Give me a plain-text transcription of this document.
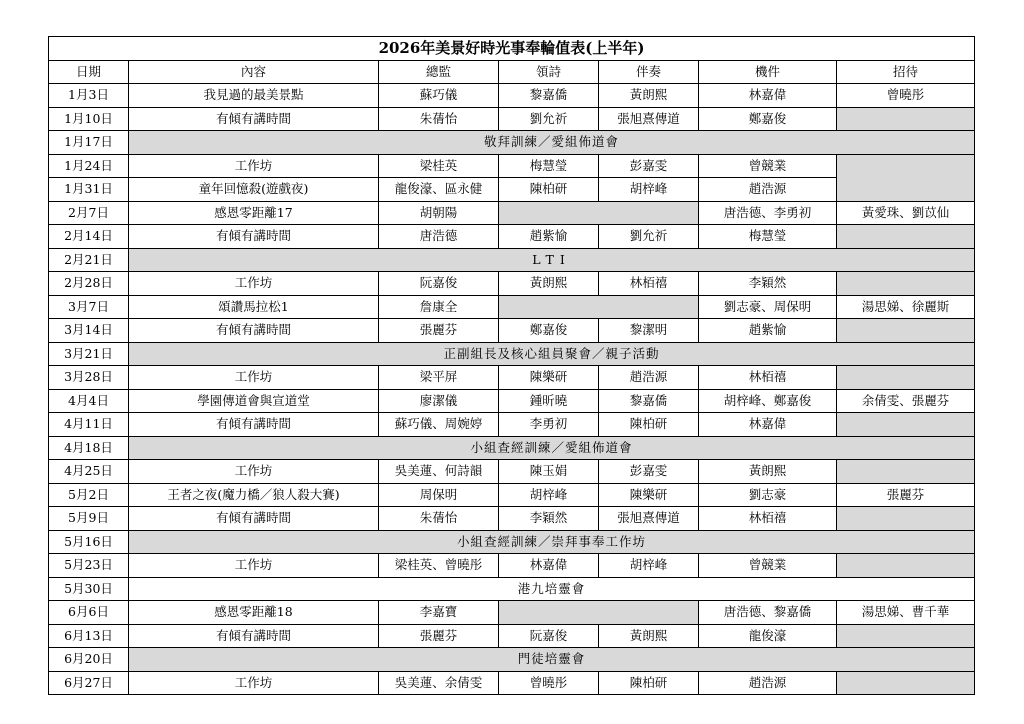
2026年美景好時光事奉輪值表(上半年)						
日期	內容	總監	領詩	伴奏	機件	招待
1月3日	我見過的最美景點	蘇巧儀	黎嘉僑	黃朗熙	林嘉偉	曾曉彤
1月10日	有傾有講時間	朱蒨怡	劉允祈	張旭熹傳道	鄭嘉俊	
1月17日	敬拜訓練／愛組佈道會					
1月24日	工作坊	梁桂英	梅慧瑩	彭嘉雯	曾競業	
1月31日	童年回憶殺(遊戲夜)	龍俊濠、區永健	陳柏研	胡梓峰	趙浩源	
2月7日	感恩零距離17	胡朝陽			唐浩德、李勇初	黃愛珠、劉苡仙
2月14日	有傾有講時間	唐浩德	趙紫愉	劉允祈	梅慧瑩	
2月21日	LTI					
2月28日	工作坊	阮嘉俊	黃朗熙	林栢禧	李穎然	
3月7日	頌讚馬拉松1	詹康全			劉志豪、周保明	湯思娣、徐麗斯
3月14日	有傾有講時間	張麗芬	鄭嘉俊	黎潔明	趙紫愉	
3月21日	正副組長及核心組員聚會／親子活動					
3月28日	工作坊	梁平屏	陳樂研	趙浩源	林栢禧	
4月4日	學園傳道會與宣道堂	廖潔儀	鍾昕曉	黎嘉僑	胡梓峰、鄭嘉俊	余倩雯、張麗芬
4月11日	有傾有講時間	蘇巧儀、周婉婷	李勇初	陳柏研	林嘉偉	
4月18日	小組查經訓練／愛組佈道會					
4月25日	工作坊	吳美蓮、何詩韻	陳玉娟	彭嘉雯	黃朗熙	
5月2日	王者之夜(魔力橋／狼人殺大賽)	周保明	胡梓峰	陳樂研	劉志豪	張麗芬
5月9日	有傾有講時間	朱蒨怡	李穎然	張旭熹傳道	林栢禧	
5月16日	小組查經訓練／崇拜事奉工作坊					
5月23日	工作坊	梁桂英、曾曉彤	林嘉偉	胡梓峰	曾競業	
5月30日	港九培靈會					
6月6日	感恩零距離18	李嘉寶			唐浩德、黎嘉僑	湯思娣、曹千華
6月13日	有傾有講時間	張麗芬	阮嘉俊	黃朗熙	龍俊濠	
6月20日	門徒培靈會					
6月27日	工作坊	吳美蓮、余倩雯	曾曉彤	陳柏研	趙浩源	
